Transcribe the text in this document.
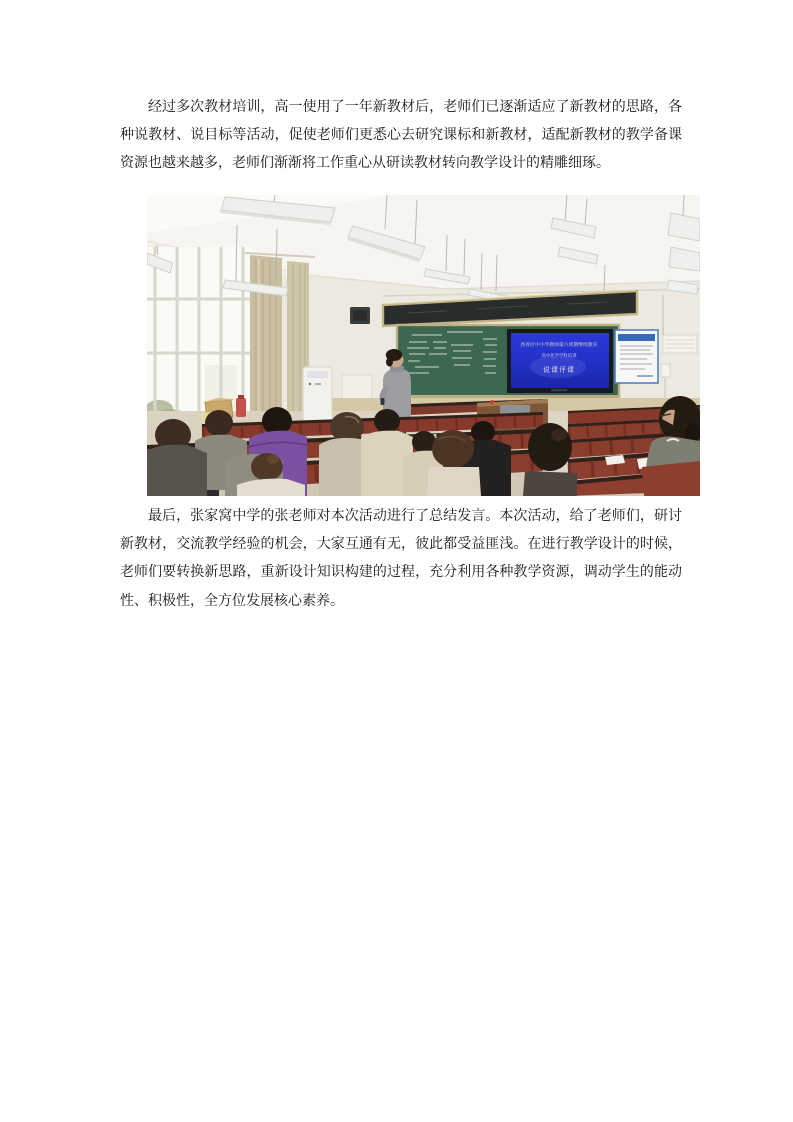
经过多次教材培训，高一使用了一年新教材后，老师们已逐渐适应了新教材的思路，各
种说教材、说目标等活动，促使老师们更悉心去研究课标和新教材，适配新教材的教学备课
资源也越来越多，老师们渐渐将工作重心从研读教材转向教学设计的精雕细琢。
西青区中小学教师第六周期继续教育
高中化学学科培训
说课评课
最后，张家窝中学的张老师对本次活动进行了总结发言。本次活动，给了老师们，研讨
新教材，交流教学经验的机会，大家互通有无，彼此都受益匪浅。在进行教学设计的时候，
老师们要转换新思路，重新设计知识构建的过程，充分利用各种教学资源，调动学生的能动
性、积极性，全方位发展核心素养。
